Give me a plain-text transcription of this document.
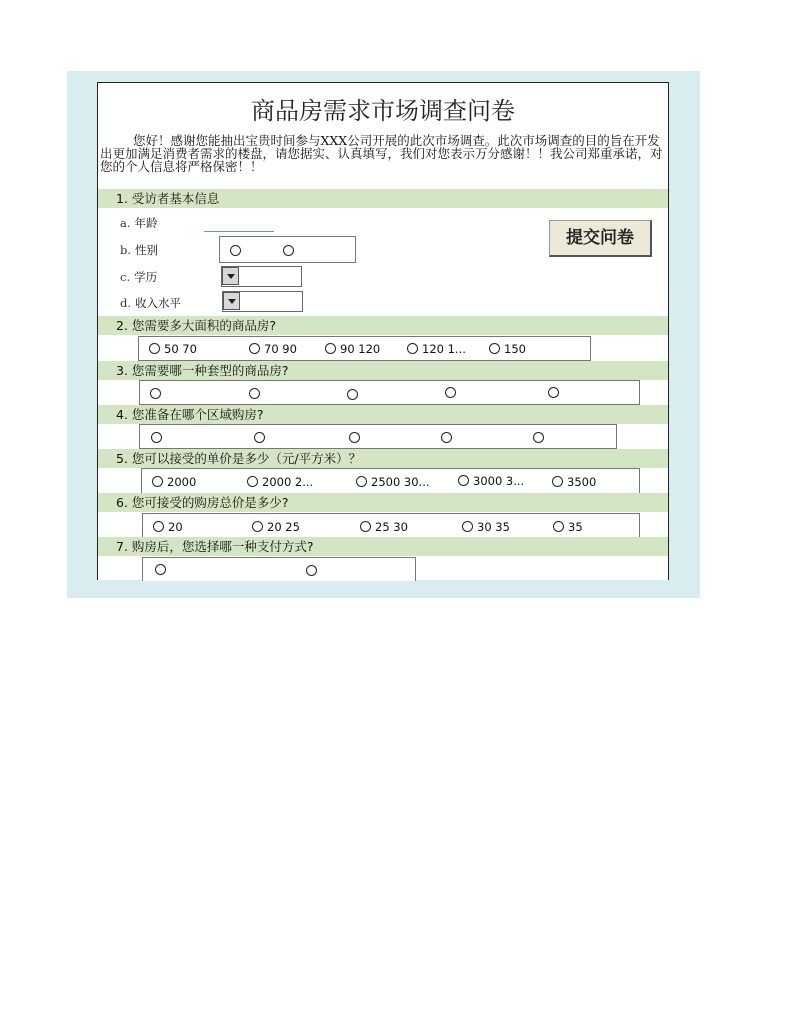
商品房需求市场调查问卷
您好！感谢您能抽出宝贵时间参与XXX公司开展的此次市场调查。此次市场调查的目的旨在开发出更加满足消费者需求的楼盘，请您据实、认真填写，我们对您表示万分感谢！！我公司郑重承诺，对您的个人信息将严格保密！！
1. 受访者基本信息
a. 年龄
b. 性别
c. 学历
d. 收入水平
提交问卷
2. 您需要多大面积的商品房?
50 70	70 90	90 120	120 1...	150
3. 您需要哪一种套型的商品房?
4. 您准备在哪个区域购房?
5. 您可以接受的单价是多少（元/平方米）？
2000	2000 2...	2500 30...	3000 3...	3500
6. 您可接受的购房总价是多少?
20	20 25	25 30	30 35	35
7. 购房后，您选择哪一种支付方式?
